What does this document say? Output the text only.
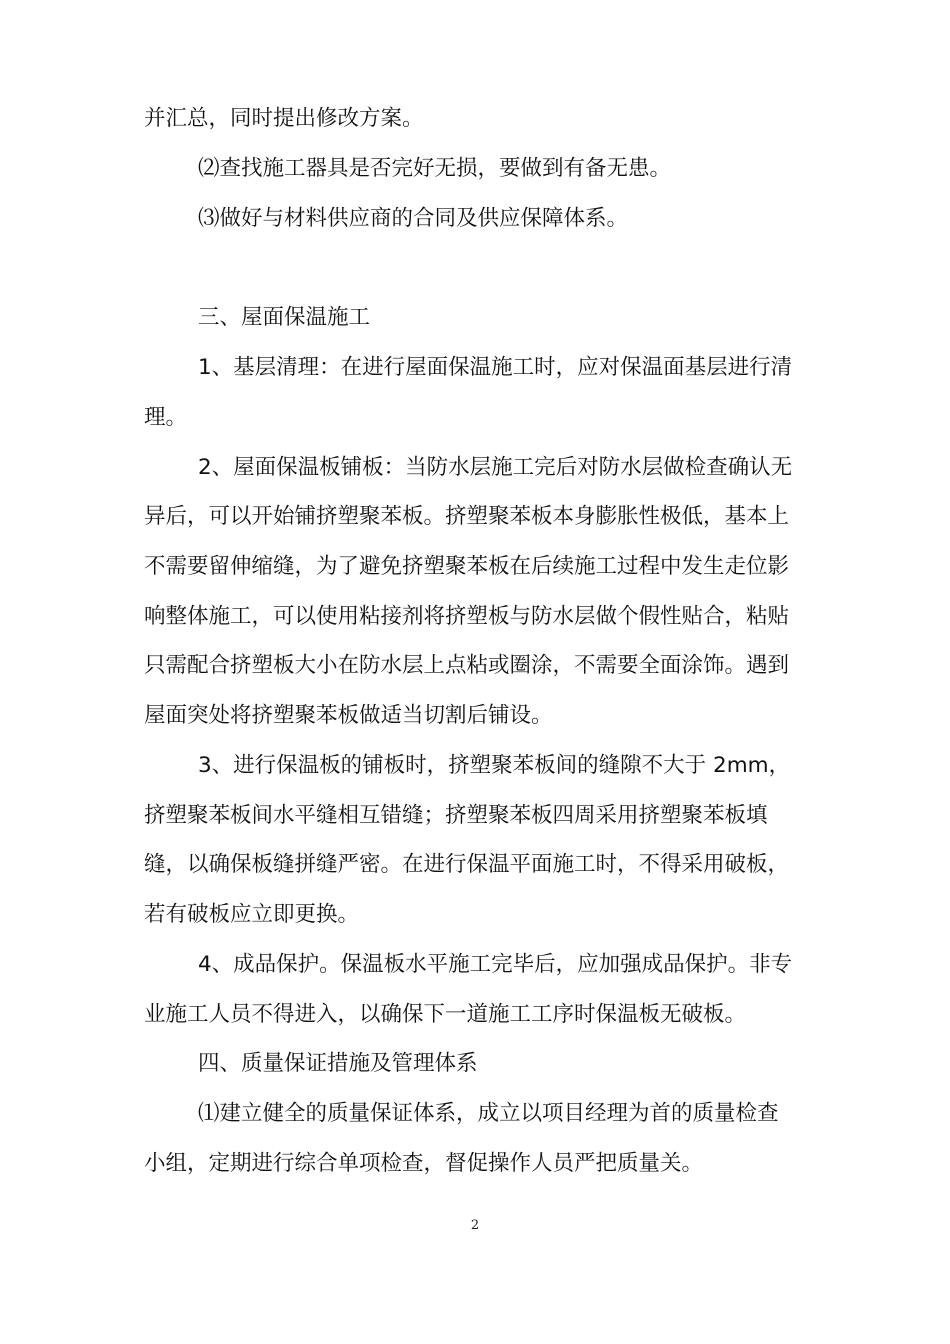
并汇总，同时提出修改方案。
⑵查找施工器具是否完好无损，要做到有备无患。
⑶做好与材料供应商的合同及供应保障体系。
三、屋面保温施工
1、基层清理：在进行屋面保温施工时，应对保温面基层进行清
理。
2、屋面保温板铺板：当防水层施工完后对防水层做检查确认无
异后，可以开始铺挤塑聚苯板。挤塑聚苯板本身膨胀性极低，基本上
不需要留伸缩缝，为了避免挤塑聚苯板在后续施工过程中发生走位影
响整体施工，可以使用粘接剂将挤塑板与防水层做个假性贴合，粘贴
只需配合挤塑板大小在防水层上点粘或圈涂，不需要全面涂饰。遇到
屋面突处将挤塑聚苯板做适当切割后铺设。
3、进行保温板的铺板时，挤塑聚苯板间的缝隙不大于 2mm，
挤塑聚苯板间水平缝相互错缝；挤塑聚苯板四周采用挤塑聚苯板填
缝，以确保板缝拼缝严密。在进行保温平面施工时，不得采用破板，
若有破板应立即更换。
4、成品保护。保温板水平施工完毕后，应加强成品保护。非专
业施工人员不得进入，以确保下一道施工工序时保温板无破板。
四、质量保证措施及管理体系
⑴建立健全的质量保证体系，成立以项目经理为首的质量检查
小组，定期进行综合单项检查，督促操作人员严把质量关。
2
